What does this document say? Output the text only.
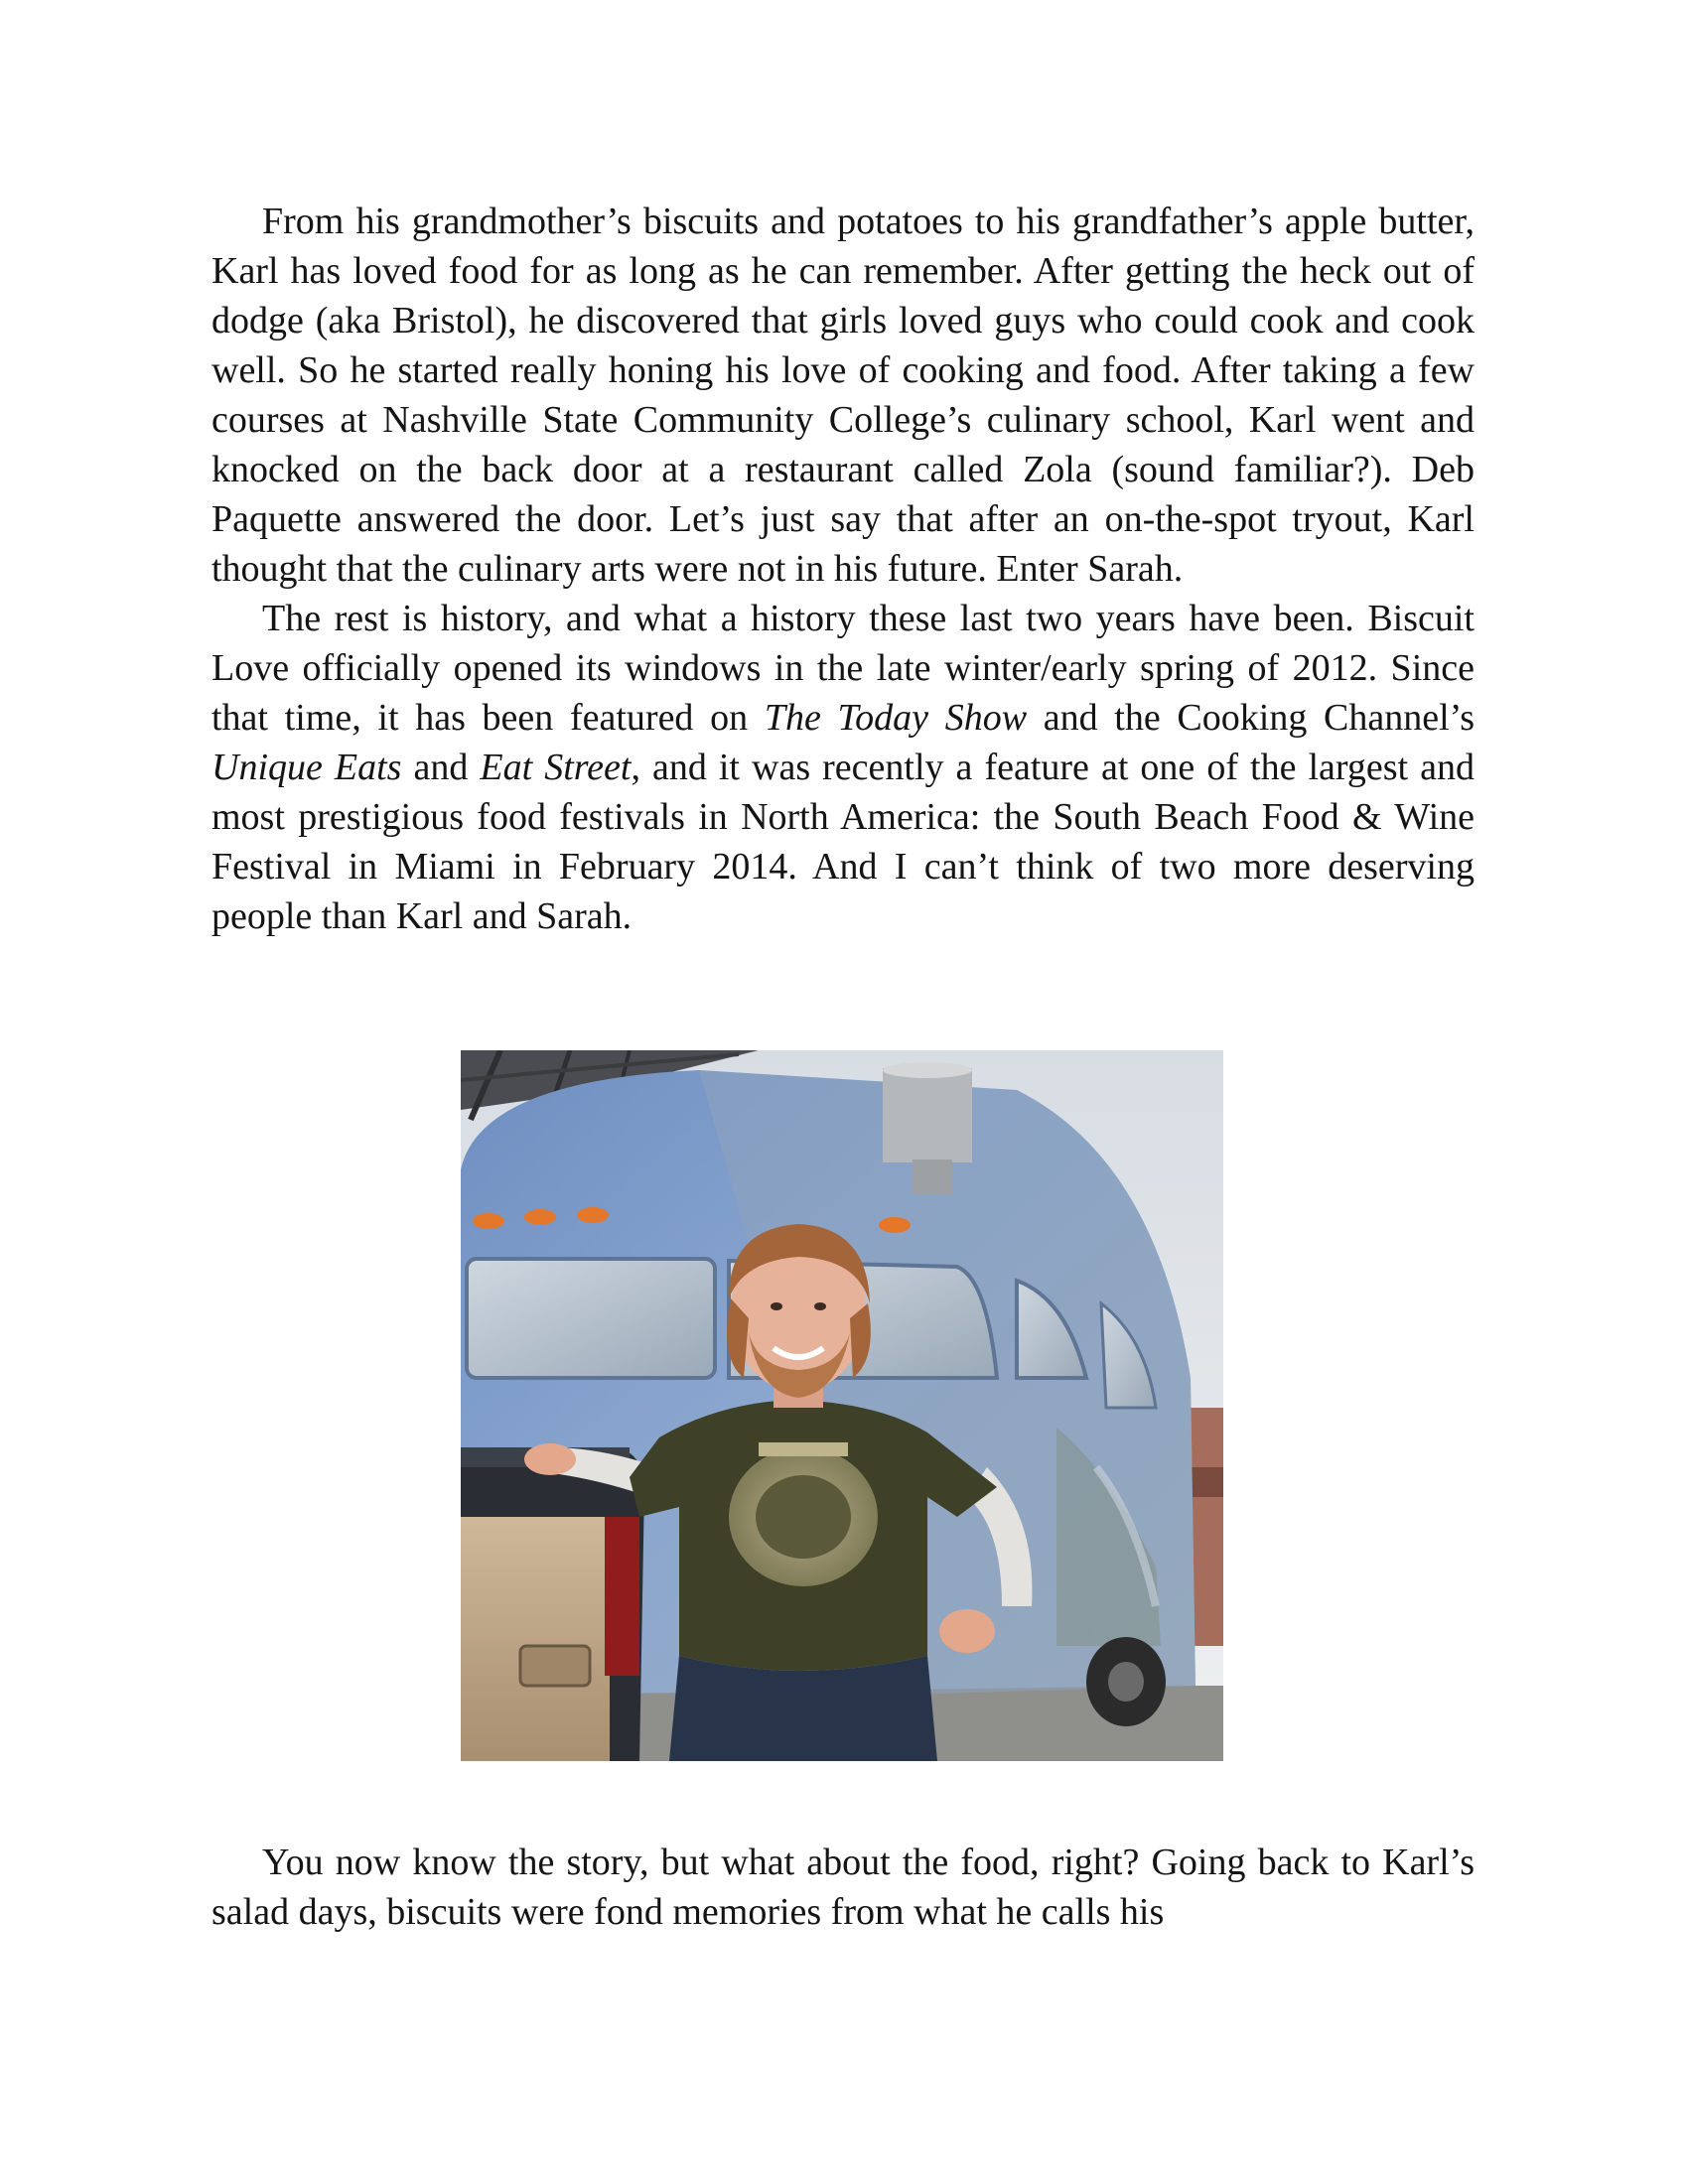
From his grandmother’s biscuits and potatoes to his grandfather’s apple butter, Karl has loved food for as long as he can remember. After getting the heck out of dodge (aka Bristol), he discovered that girls loved guys who could cook and cook well. So he started really honing his love of cooking and food. After taking a few courses at Nashville State Community College’s culinary school, Karl went and knocked on the back door at a restaurant called Zola (sound familiar?). Deb Paquette answered the door. Let’s just say that after an on-the-spot tryout, Karl thought that the culinary arts were not in his future. Enter Sarah.

The rest is history, and what a history these last two years have been. Biscuit Love officially opened its windows in the late winter/early spring of 2012. Since that time, it has been featured on The Today Show and the Cooking Channel’s Unique Eats and Eat Street, and it was recently a feature at one of the largest and most prestigious food festivals in North America: the South Beach Food & Wine Festival in Miami in February 2014. And I can’t think of two more deserving people than Karl and Sarah.

You now know the story, but what about the food, right? Going back to Karl’s salad days, biscuits were fond memories from what he calls his
